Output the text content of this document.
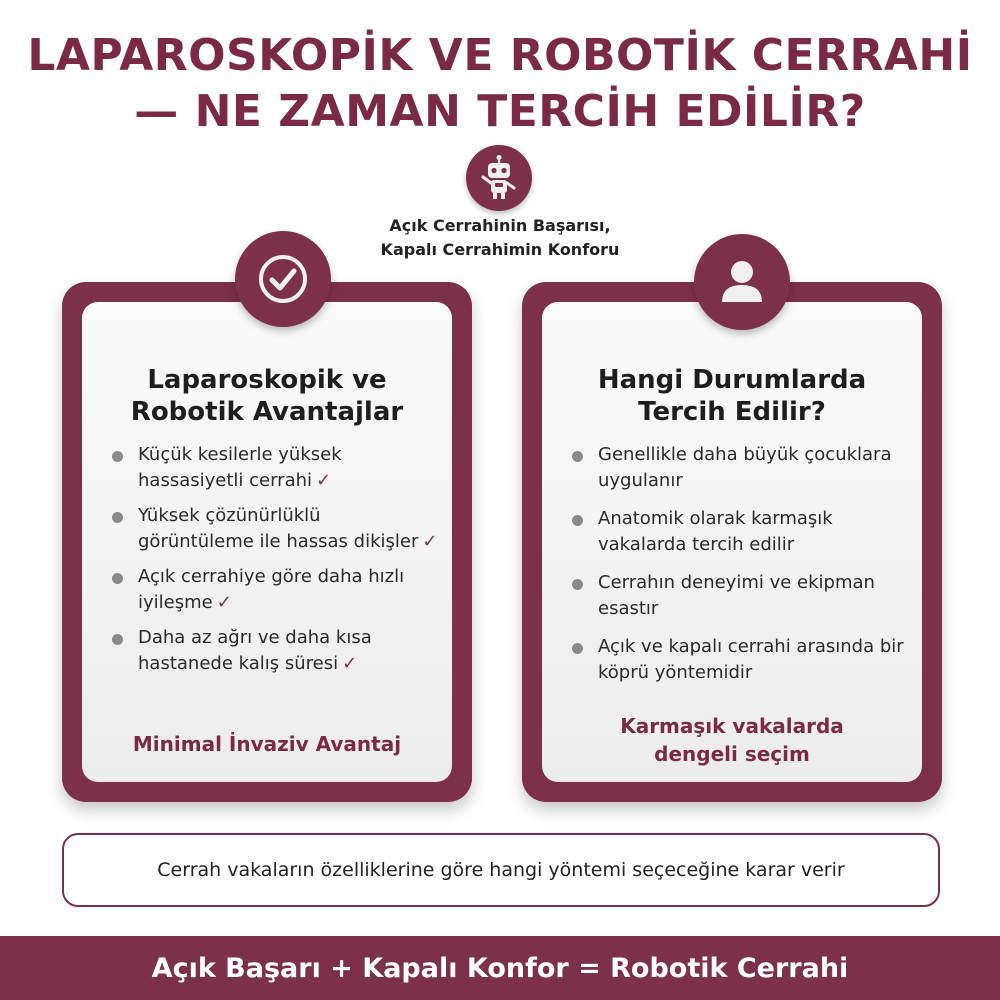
LAPAROSKOPİK VE ROBOTİK CERRAHİ
— NE ZAMAN TERCİH EDİLİR?
Açık Cerrahinin Başarısı,
Kapalı Cerrahimin Konforu
Laparoskopik ve
Robotik Avantajlar
Küçük kesilerle yüksek hassasiyetli cerrahi ✓
Yüksek çözünürlüklü görüntüleme ile hassas dikişler ✓
Açık cerrahiye göre daha hızlı iyileşme ✓
Daha az ağrı ve daha kısa hastanede kalış süresi ✓
Minimal İnvaziv Avantaj
Hangi Durumlarda
Tercih Edilir?
Genellikle daha büyük çocuklara uygulanır
Anatomik olarak karmaşık vakalarda tercih edilir
Cerrahın deneyimi ve ekipman esastır
Açık ve kapalı cerrahi arasında bir köprü yöntemidir
Karmaşık vakalarda
dengeli seçim
Cerrah vakaların özelliklerine göre hangi yöntemi seçeceğine karar verir
Açık Başarı + Kapalı Konfor = Robotik Cerrahi
